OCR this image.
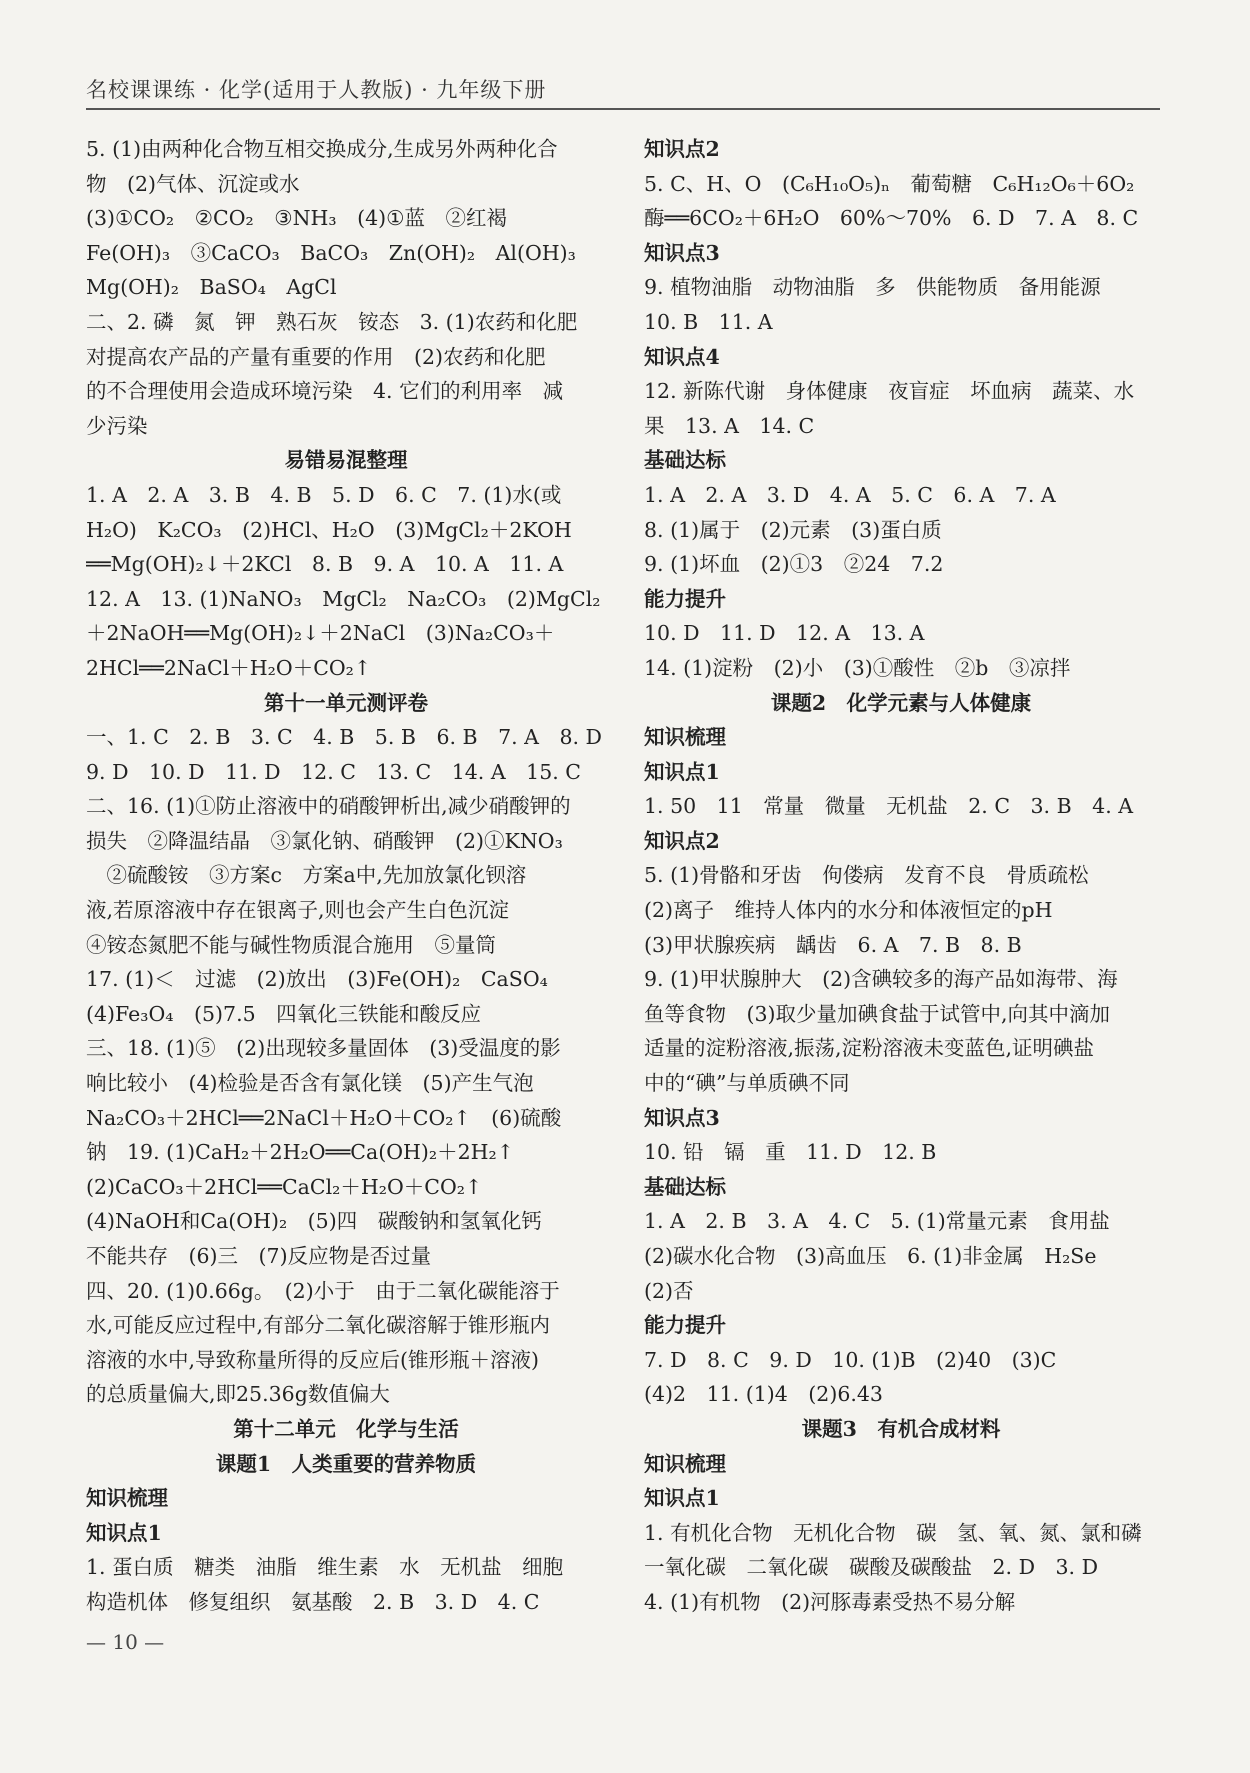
名校课课练 · 化学(适用于人教版) · 九年级下册
5. (1)由两种化合物互相交换成分,生成另外两种化合
物　(2)气体、沉淀或水
(3)①CO₂　②CO₂　③NH₃　(4)①蓝　②红褐
Fe(OH)₃　③CaCO₃　BaCO₃　Zn(OH)₂　Al(OH)₃
Mg(OH)₂　BaSO₄　AgCl
二、2. 磷　氮　钾　熟石灰　铵态　3. (1)农药和化肥
对提高农产品的产量有重要的作用　(2)农药和化肥
的不合理使用会造成环境污染　4. 它们的利用率　减
少污染
易错易混整理
1. A　2. A　3. B　4. B　5. D　6. C　7. (1)水(或
H₂O)　K₂CO₃　(2)HCl、H₂O　(3)MgCl₂＋2KOH
══Mg(OH)₂↓＋2KCl　8. B　9. A　10. A　11. A
12. A　13. (1)NaNO₃　MgCl₂　Na₂CO₃　(2)MgCl₂
＋2NaOH══Mg(OH)₂↓＋2NaCl　(3)Na₂CO₃＋
2HCl══2NaCl＋H₂O＋CO₂↑
第十一单元测评卷
一、1. C　2. B　3. C　4. B　5. B　6. B　7. A　8. D
9. D　10. D　11. D　12. C　13. C　14. A　15. C
二、16. (1)①防止溶液中的硝酸钾析出,减少硝酸钾的
损失　②降温结晶　③氯化钠、硝酸钾　(2)①KNO₃
　②硫酸铵　③方案c　方案a中,先加放氯化钡溶
液,若原溶液中存在银离子,则也会产生白色沉淀
④铵态氮肥不能与碱性物质混合施用　⑤量筒
17. (1)＜　过滤　(2)放出　(3)Fe(OH)₂　CaSO₄
(4)Fe₃O₄　(5)7.5　四氧化三铁能和酸反应
三、18. (1)⑤　(2)出现较多量固体　(3)受温度的影
响比较小　(4)检验是否含有氯化镁　(5)产生气泡
Na₂CO₃＋2HCl══2NaCl＋H₂O＋CO₂↑　(6)硫酸
钠　19. (1)CaH₂＋2H₂O══Ca(OH)₂＋2H₂↑
(2)CaCO₃＋2HCl══CaCl₂＋H₂O＋CO₂↑
(4)NaOH和Ca(OH)₂　(5)四　碳酸钠和氢氧化钙
不能共存　(6)三　(7)反应物是否过量
四、20. (1)0.66g。　(2)小于　由于二氧化碳能溶于
水,可能反应过程中,有部分二氧化碳溶解于锥形瓶内
溶液的水中,导致称量所得的反应后(锥形瓶＋溶液)
的总质量偏大,即25.36g数值偏大
第十二单元　化学与生活
课题1　人类重要的营养物质
知识梳理
知识点1
1. 蛋白质　糖类　油脂　维生素　水　无机盐　细胞
构造机体　修复组织　氨基酸　2. B　3. D　4. C
知识点2
5. C、H、O　(C₆H₁₀O₅)ₙ　葡萄糖　C₆H₁₂O₆＋6O₂
酶══6CO₂＋6H₂O　60%～70%　6. D　7. A　8. C
知识点3
9. 植物油脂　动物油脂　多　供能物质　备用能源
10. B　11. A
知识点4
12. 新陈代谢　身体健康　夜盲症　坏血病　蔬菜、水
果　13. A　14. C
基础达标
1. A　2. A　3. D　4. A　5. C　6. A　7. A
8. (1)属于　(2)元素　(3)蛋白质
9. (1)坏血　(2)①3　②24　7.2
能力提升
10. D　11. D　12. A　13. A
14. (1)淀粉　(2)小　(3)①酸性　②b　③凉拌
课题2　化学元素与人体健康
知识梳理
知识点1
1. 50　11　常量　微量　无机盐　2. C　3. B　4. A
知识点2
5. (1)骨骼和牙齿　佝偻病　发育不良　骨质疏松
(2)离子　维持人体内的水分和体液恒定的pH
(3)甲状腺疾病　龋齿　6. A　7. B　8. B
9. (1)甲状腺肿大　(2)含碘较多的海产品如海带、海
鱼等食物　(3)取少量加碘食盐于试管中,向其中滴加
适量的淀粉溶液,振荡,淀粉溶液未变蓝色,证明碘盐
中的“碘”与单质碘不同
知识点3
10. 铅　镉　重　11. D　12. B
基础达标
1. A　2. B　3. A　4. C　5. (1)常量元素　食用盐
(2)碳水化合物　(3)高血压　6. (1)非金属　H₂Se
(2)否
能力提升
7. D　8. C　9. D　10. (1)B　(2)40　(3)C
(4)2　11. (1)4　(2)6.43
课题3　有机合成材料
知识梳理
知识点1
1. 有机化合物　无机化合物　碳　氢、氧、氮、氯和磷
一氧化碳　二氧化碳　碳酸及碳酸盐　2. D　3. D
4. (1)有机物　(2)河豚毒素受热不易分解
— 10 —
